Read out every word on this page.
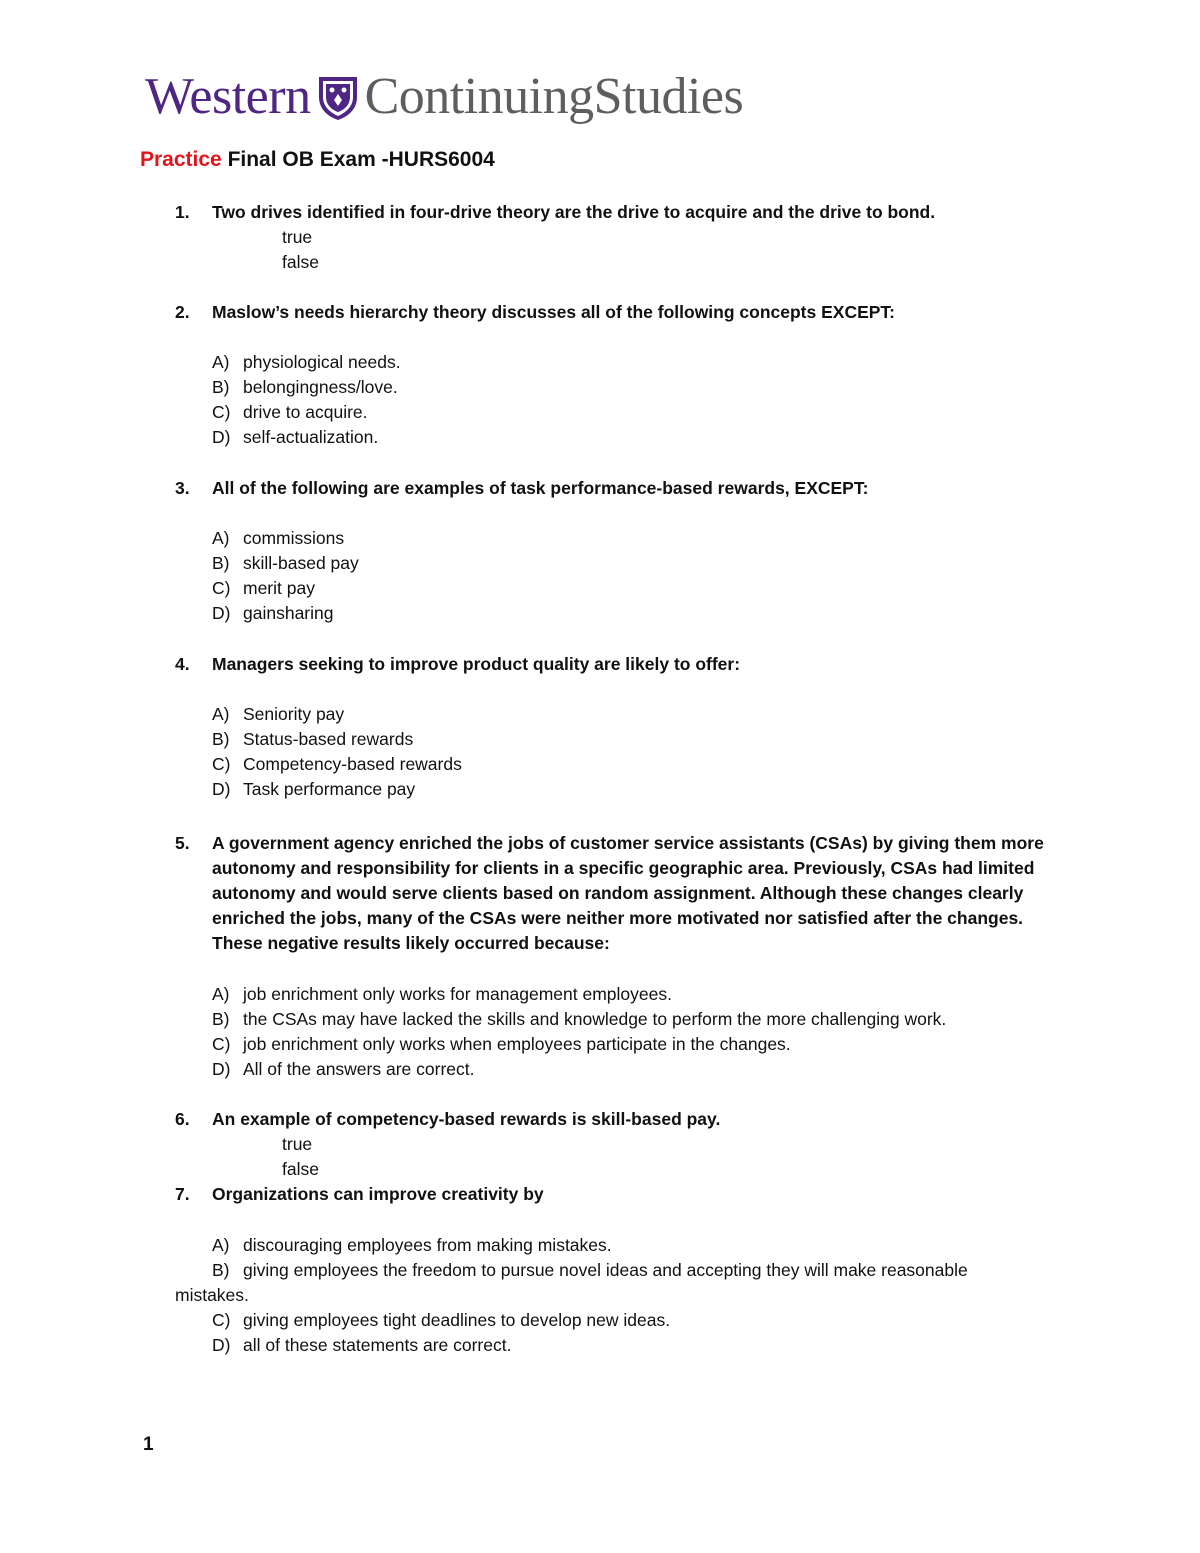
Western ContinuingStudies
Practice Final OB Exam -HURS6004
1. Two drives identified in four-drive theory are the drive to acquire and the drive to bond.
true
false
2. Maslow’s needs hierarchy theory discusses all of the following concepts EXCEPT:
A) physiological needs.
B) belongingness/love.
C) drive to acquire.
D) self-actualization.
3. All of the following are examples of task performance-based rewards, EXCEPT:
A) commissions
B) skill-based pay
C) merit pay
D) gainsharing
4. Managers seeking to improve product quality are likely to offer:
A) Seniority pay
B) Status-based rewards
C) Competency-based rewards
D) Task performance pay
5. A government agency enriched the jobs of customer service assistants (CSAs) by giving them more autonomy and responsibility for clients in a specific geographic area. Previously, CSAs had limited autonomy and would serve clients based on random assignment. Although these changes clearly enriched the jobs, many of the CSAs were neither more motivated nor satisfied after the changes. These negative results likely occurred because:
A) job enrichment only works for management employees.
B) the CSAs may have lacked the skills and knowledge to perform the more challenging work.
C) job enrichment only works when employees participate in the changes.
D) All of the answers are correct.
6. An example of competency-based rewards is skill-based pay.
true
false
7. Organizations can improve creativity by
A) discouraging employees from making mistakes.
B) giving employees the freedom to pursue novel ideas and accepting they will make reasonable mistakes.
C) giving employees tight deadlines to develop new ideas.
D) all of these statements are correct.
1
